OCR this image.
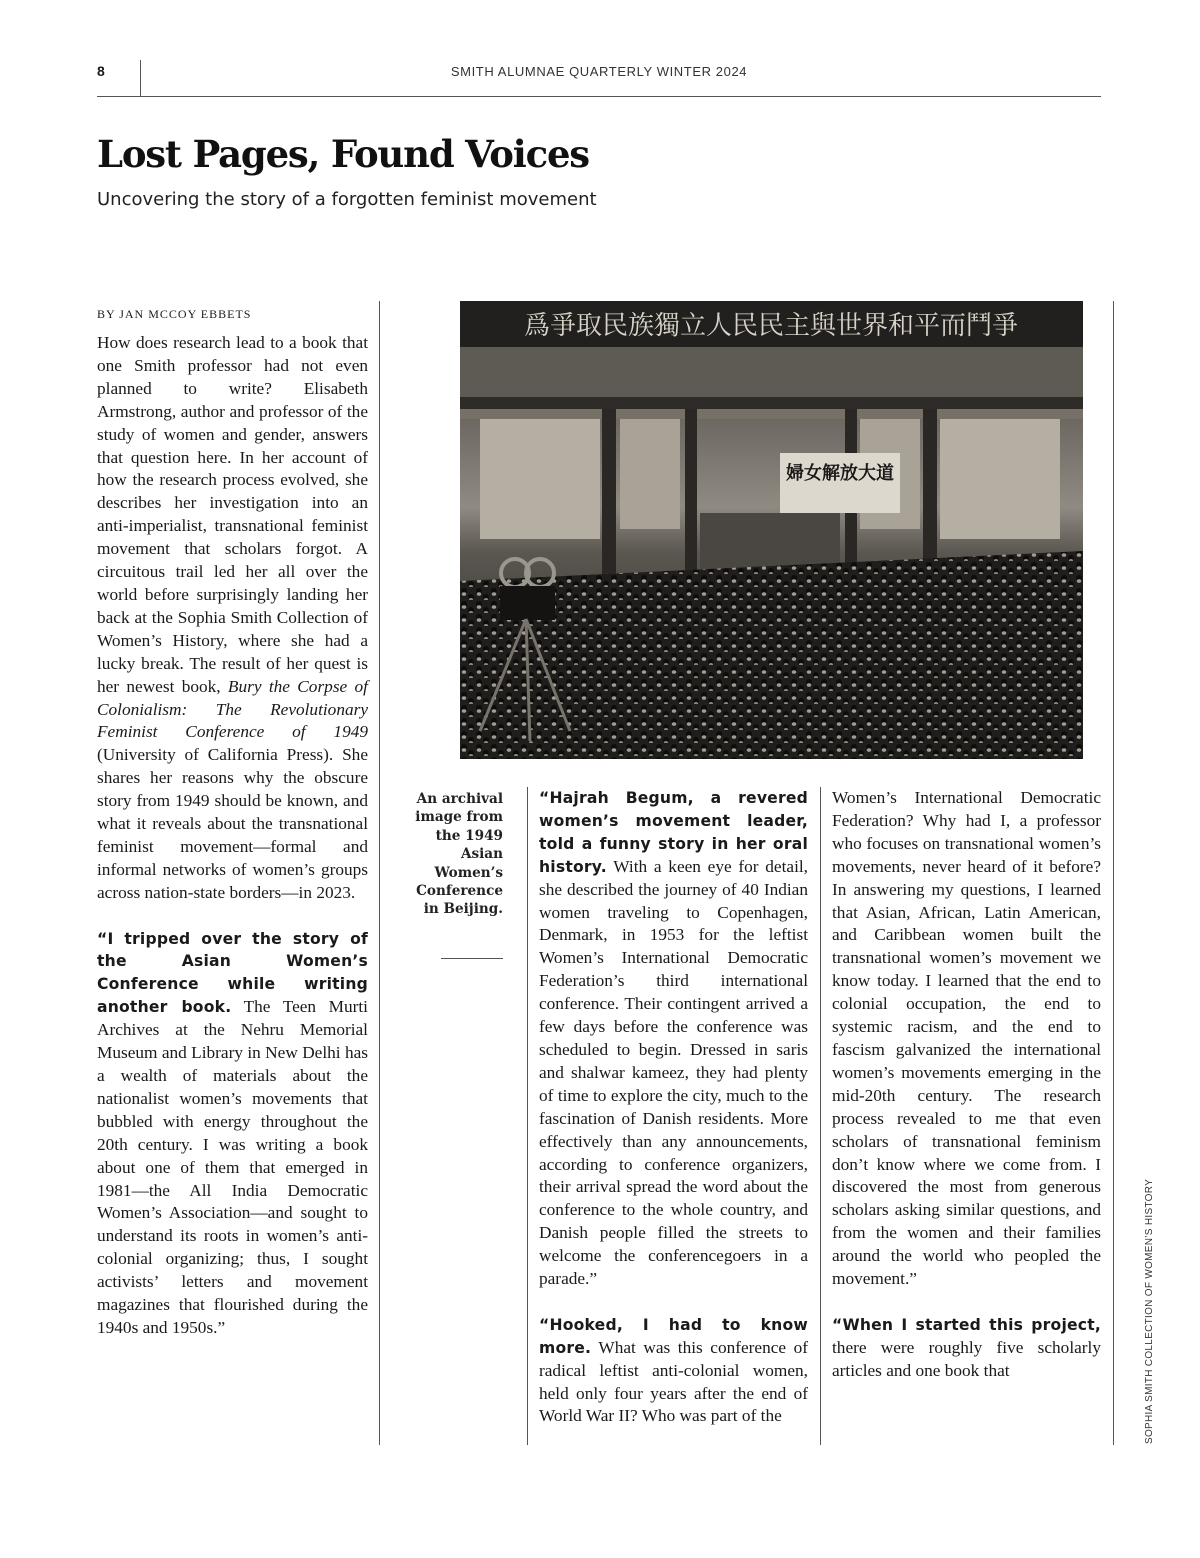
8	SMITH ALUMNAE QUARTERLY WINTER 2024
Lost Pages, Found Voices

Uncovering the story of a forgotten feminist movement

BY JAN MCCOY EBBETS

How does research lead to a book that one Smith professor had not even planned to write? Elisabeth Armstrong, author and professor of the study of women and gender, answers that question here. In her account of how the research process evolved, she describes her investigation into an anti-imperialist, transnational feminist movement that scholars forgot. A circuitous trail led her all over the world before surprisingly landing her back at the Sophia Smith Collection of Women’s History, where she had a lucky break. The result of her quest is her newest book, Bury the Corpse of Colonialism: The Revolutionary Feminist Conference of 1949 (University of California Press). She shares her reasons why the obscure story from 1949 should be known, and what it reveals about the transnational feminist movement—formal and informal networks of women’s groups across nation-state borders—in 2023.

“I tripped over the story of the Asian Women’s Conference while writing another book. The Teen Murti Archives at the Nehru Memorial Museum and Library in New Delhi has a wealth of materials about the nationalist women’s movements that bubbled with energy throughout the 20th century. I was writing a book about one of them that emerged in 1981—the All India Democratic Women’s Association—and sought to understand its roots in women’s anti-colonial organizing; thus, I sought activists’ letters and movement magazines that flourished during the 1940s and 1950s.”

爲爭取民族獨立人民民主與世界和平而鬥爭
婦女解放大道
An archival image from the 1949 Asian Women’s Conference in Beijing.

“Hajrah Begum, a revered women’s movement leader, told a funny story in her oral history. With a keen eye for detail, she described the journey of 40 Indian women traveling to Copenhagen, Denmark, in 1953 for the leftist Women’s International Democratic Federation’s third international conference. Their contingent arrived a few days before the conference was scheduled to begin. Dressed in saris and shalwar kameez, they had plenty of time to explore the city, much to the fascination of Danish residents. More effectively than any announcements, according to conference organizers, their arrival spread the word about the conference to the whole country, and Danish people filled the streets to welcome the conferencegoers in a parade.”

“Hooked, I had to know more. What was this conference of radical leftist anti-colonial women, held only four years after the end of World War II? Who was part of the

Women’s International Democratic Federation? Why had I, a professor who focuses on transnational women’s movements, never heard of it before? In answering my questions, I learned that Asian, African, Latin American, and Caribbean women built the transnational women’s movement we know today. I learned that the end to colonial occupation, the end to systemic racism, and the end to fascism galvanized the international women’s movements emerging in the mid-20th century. The research process revealed to me that even scholars of transnational feminism don’t know where we come from. I discovered the most from generous scholars asking similar questions, and from the women and their families around the world who peopled the movement.”

“When I started this project, there were roughly five scholarly articles and one book that	SOPHIA SMITH COLLECTION OF WOMEN’S HISTORY
